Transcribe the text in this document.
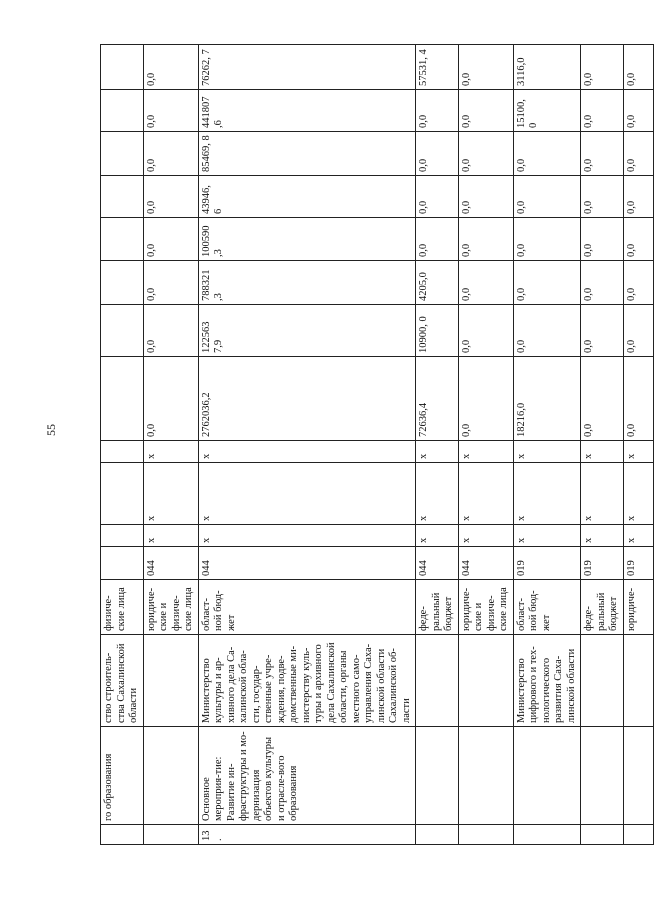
55
	го образования	ство строитель-ства Сахалинской области	физиче-ские лица												
			юридиче-ские и физиче-ские лица	044	x	x	x	0,0	0,0	0,0	0,0	0,0	0,0	0,0	0,0
13.	Основное мероприя-тие: Развитие ин-фраструктуры и мо-дернизация объектов культуры и отрасле-вого образования	Министерство культуры и ар-хивного дела Са-халинской обла-сти, государ-ственные учре-ждения, подве-домственные ми-нистерству куль-туры и архивного дела Сахалинской области, органы местного само-управления Саха-линской области Сахалинской об-ласти	област-ной бюд-жет	044	x	x	x	2762036,2	122563 7,9	788321 ,3	100590 ,3	43946, 6	85469, 8	441807 ,6	76262, 7
			феде-ральный бюджет	044	x	x	x	72636,4	10900, 0	4205,0	0,0	0,0	0,0	0,0	57531, 4
			юридиче-ские и физиче-ские лица	044	x	x	x	0,0	0,0	0,0	0,0	0,0	0,0	0,0	0,0
		Министерство цифрового и тех-нологического развития Саха-линской области	област-ной бюд-жет	019	x	x	x	18216,0	0,0	0,0	0,0	0,0	0,0	15100, 0	3116,0
			феде-ральный бюджет	019	x	x	x	0,0	0,0	0,0	0,0	0,0	0,0	0,0	0,0
			юридиче-	019	x	x	x	0,0	0,0	0,0	0,0	0,0	0,0	0,0	0,0
